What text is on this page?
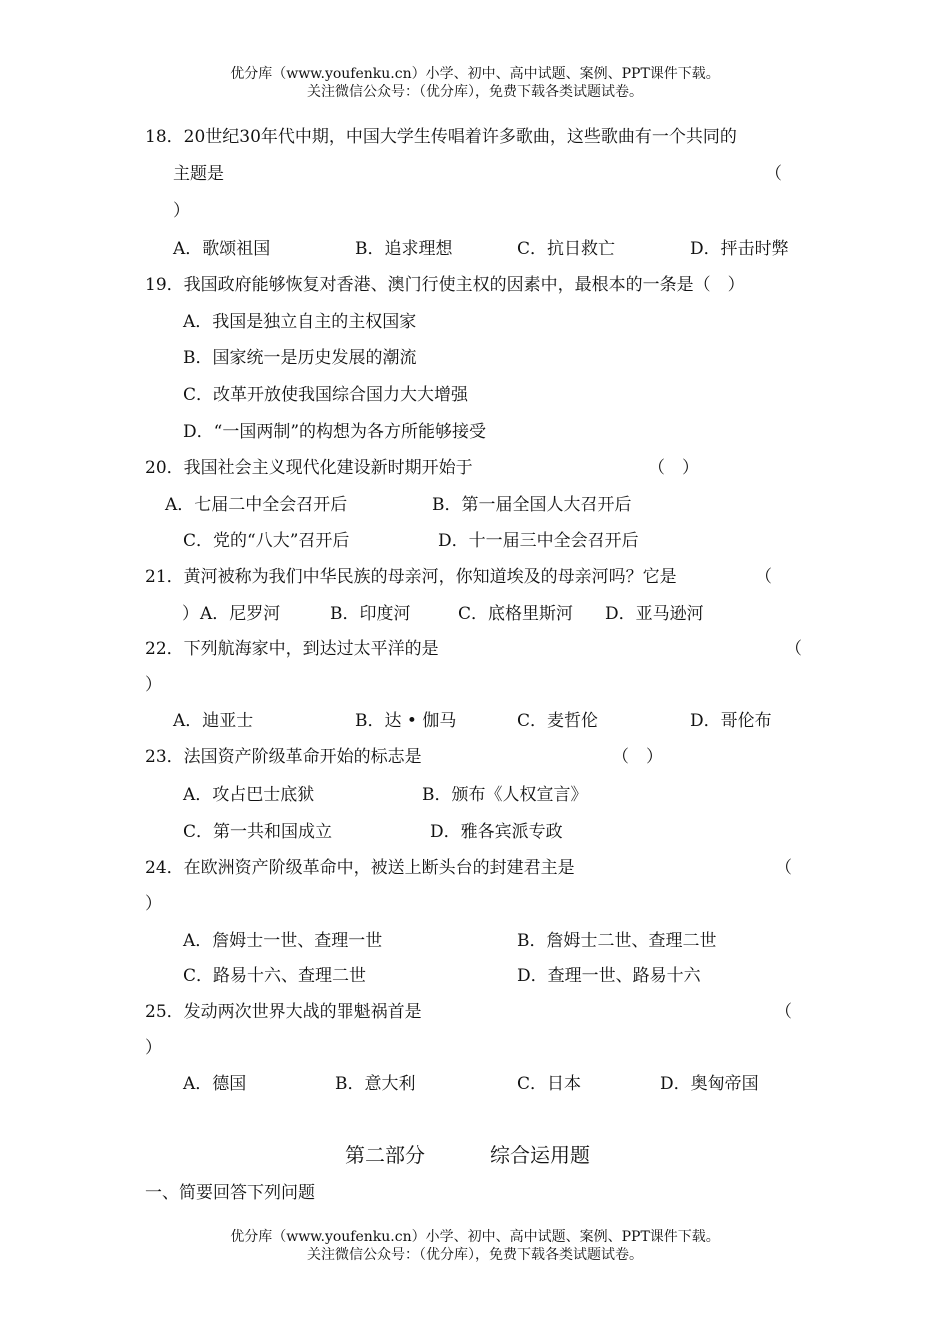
优分库（www.youfenku.cn）小学、初中、高中试题、案例、PPT课件下载。
关注微信公众号：（优分库），免费下载各类试题试卷。
18．20世纪30年代中期，中国大学生传唱着许多歌曲，这些歌曲有一个共同的
主题是	（
）
A．歌颂祖国	B．追求理想	C．抗日救亡	D．抨击时弊
19．我国政府能够恢复对香港、澳门行使主权的因素中，最根本的一条是（　）
A．我国是独立自主的主权国家
B．国家统一是历史发展的潮流
C．改革开放使我国综合国力大大增强
D．“一国两制”的构想为各方所能够接受
20．我国社会主义现代化建设新时期开始于	（　）
A．七届二中全会召开后	B．第一届全国人大召开后
C．党的“八大”召开后	D．十一届三中全会召开后
21．黄河被称为我们中华民族的母亲河，你知道埃及的母亲河吗？它是	（
） A．尼罗河	B．印度河	C．底格里斯河 D．亚马逊河
22．下列航海家中，到达过太平洋的是	（
）
A．迪亚士	B．达 • 伽马	C．麦哲伦	D．哥伦布
23．法国资产阶级革命开始的标志是	（　）
A．攻占巴士底狱	B．颁布《人权宣言》
C．第一共和国成立	D．雅各宾派专政
24．在欧洲资产阶级革命中，被送上断头台的封建君主是	（
）
A．詹姆士一世、查理一世	B．詹姆士二世、查理二世
C．路易十六、查理二世	D．查理一世、路易十六
25．发动两次世界大战的罪魁祸首是	（
）
A．德国	B．意大利	C．日本	D．奥匈帝国
第二部分	综合运用题
一、简要回答下列问题
优分库（www.youfenku.cn）小学、初中、高中试题、案例、PPT课件下载。
关注微信公众号：（优分库），免费下载各类试题试卷。
